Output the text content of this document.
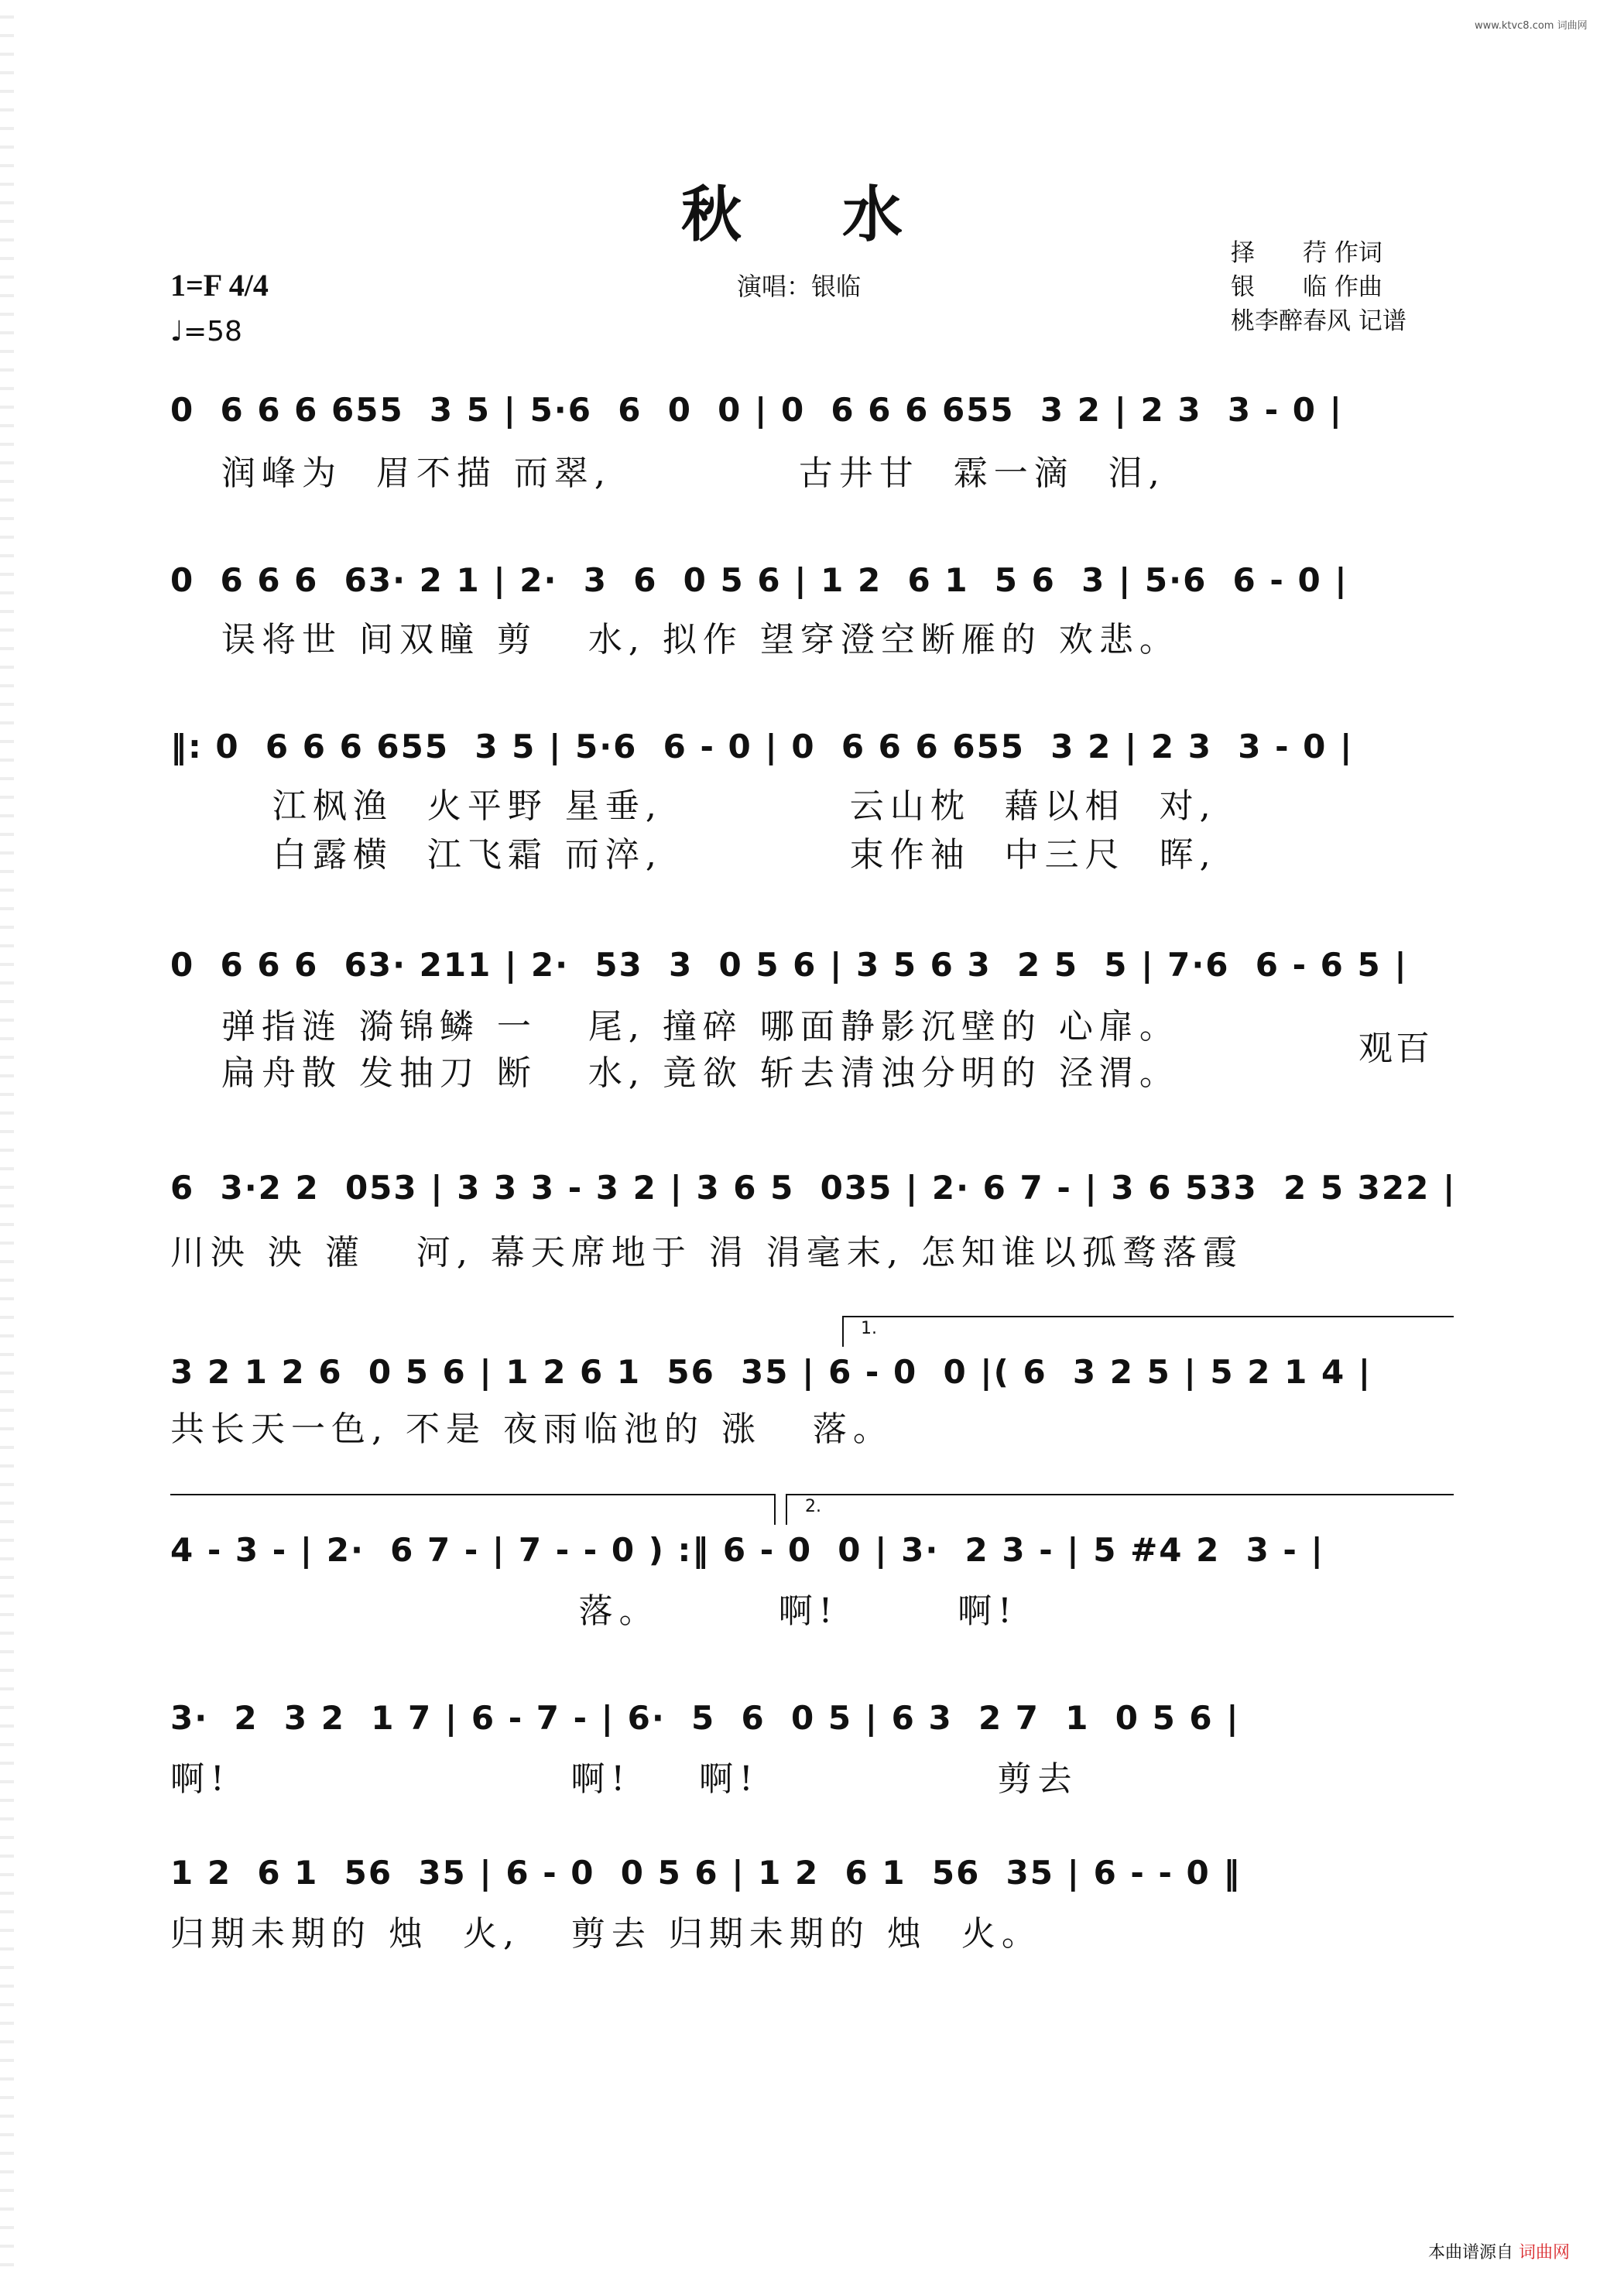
www.ktvc8.com 词曲网
秋水
演唱：银临
择　　荇 作词
银　　临 作曲
桃李醉春风 记谱
1=F 4/4
♩=58
0  6 6 6 655  3 5 | 5·6  6  0  0 | 0  6 6 6 655  3 2 | 2 3  3 - 0 |
润峰为  眉不描 而翠,           古井甘  霖一滴  泪,
0  6 6 6  63· 2 1 | 2·  3  6  0 5 6 | 1 2  6 1  5 6  3 | 5·6  6 - 0 |
误将世 间双瞳 剪   水, 拟作 望穿澄空断雁的 欢悲。
‖: 0  6 6 6 655  3 5 | 5·6  6 - 0 | 0  6 6 6 655  3 2 | 2 3  3 - 0 |
江枫渔  火平野 星垂,           云山枕  藉以相  对,
白露横  江飞霜 而淬,           束作袖  中三尺  晖,
0  6 6 6  63· 211 | 2·  53  3  0 5 6 | 3 5 6 3  2 5  5 | 7·6  6 - 6 5 |
弹指涟 漪锦鳞 一   尾, 撞碎 哪面静影沉壁的 心扉。
扁舟散 发抽刀 断   水, 竟欲 斩去清浊分明的 泾渭。
观百
6  3·2 2  053 | 3 3 3 - 3 2 | 3 6 5  035 | 2· 6 7 - | 3 6 533  2 5 322 |
川泱 泱 灌   河, 幕天席地于 涓 涓毫末, 怎知谁以孤鹜落霞
1.
3 2 1 2 6  0 5 6 | 1 2 6 1  56  35 | 6 - 0  0 |( 6  3 2 5 | 5 2 1 4 |
共长天一色, 不是 夜雨临池的 涨   落。
2.
4 - 3 - | 2·  6 7 - | 7 - - 0 ) :‖ 6 - 0  0 | 3·  2 3 - | 5 #4 2  3 - |
落。       啊!       啊!
3·  2  3 2  1 7 | 6 - 7 - | 6·  5  6  0 5 | 6 3  2 7  1  0 5 6 |
啊!                    啊!    啊!              剪去
1 2  6 1  56  35 | 6 - 0  0 5 6 | 1 2  6 1  56  35 | 6 - - 0 ‖
归期未期的 烛  火,   剪去 归期未期的 烛  火。
本曲谱源自 词曲网
